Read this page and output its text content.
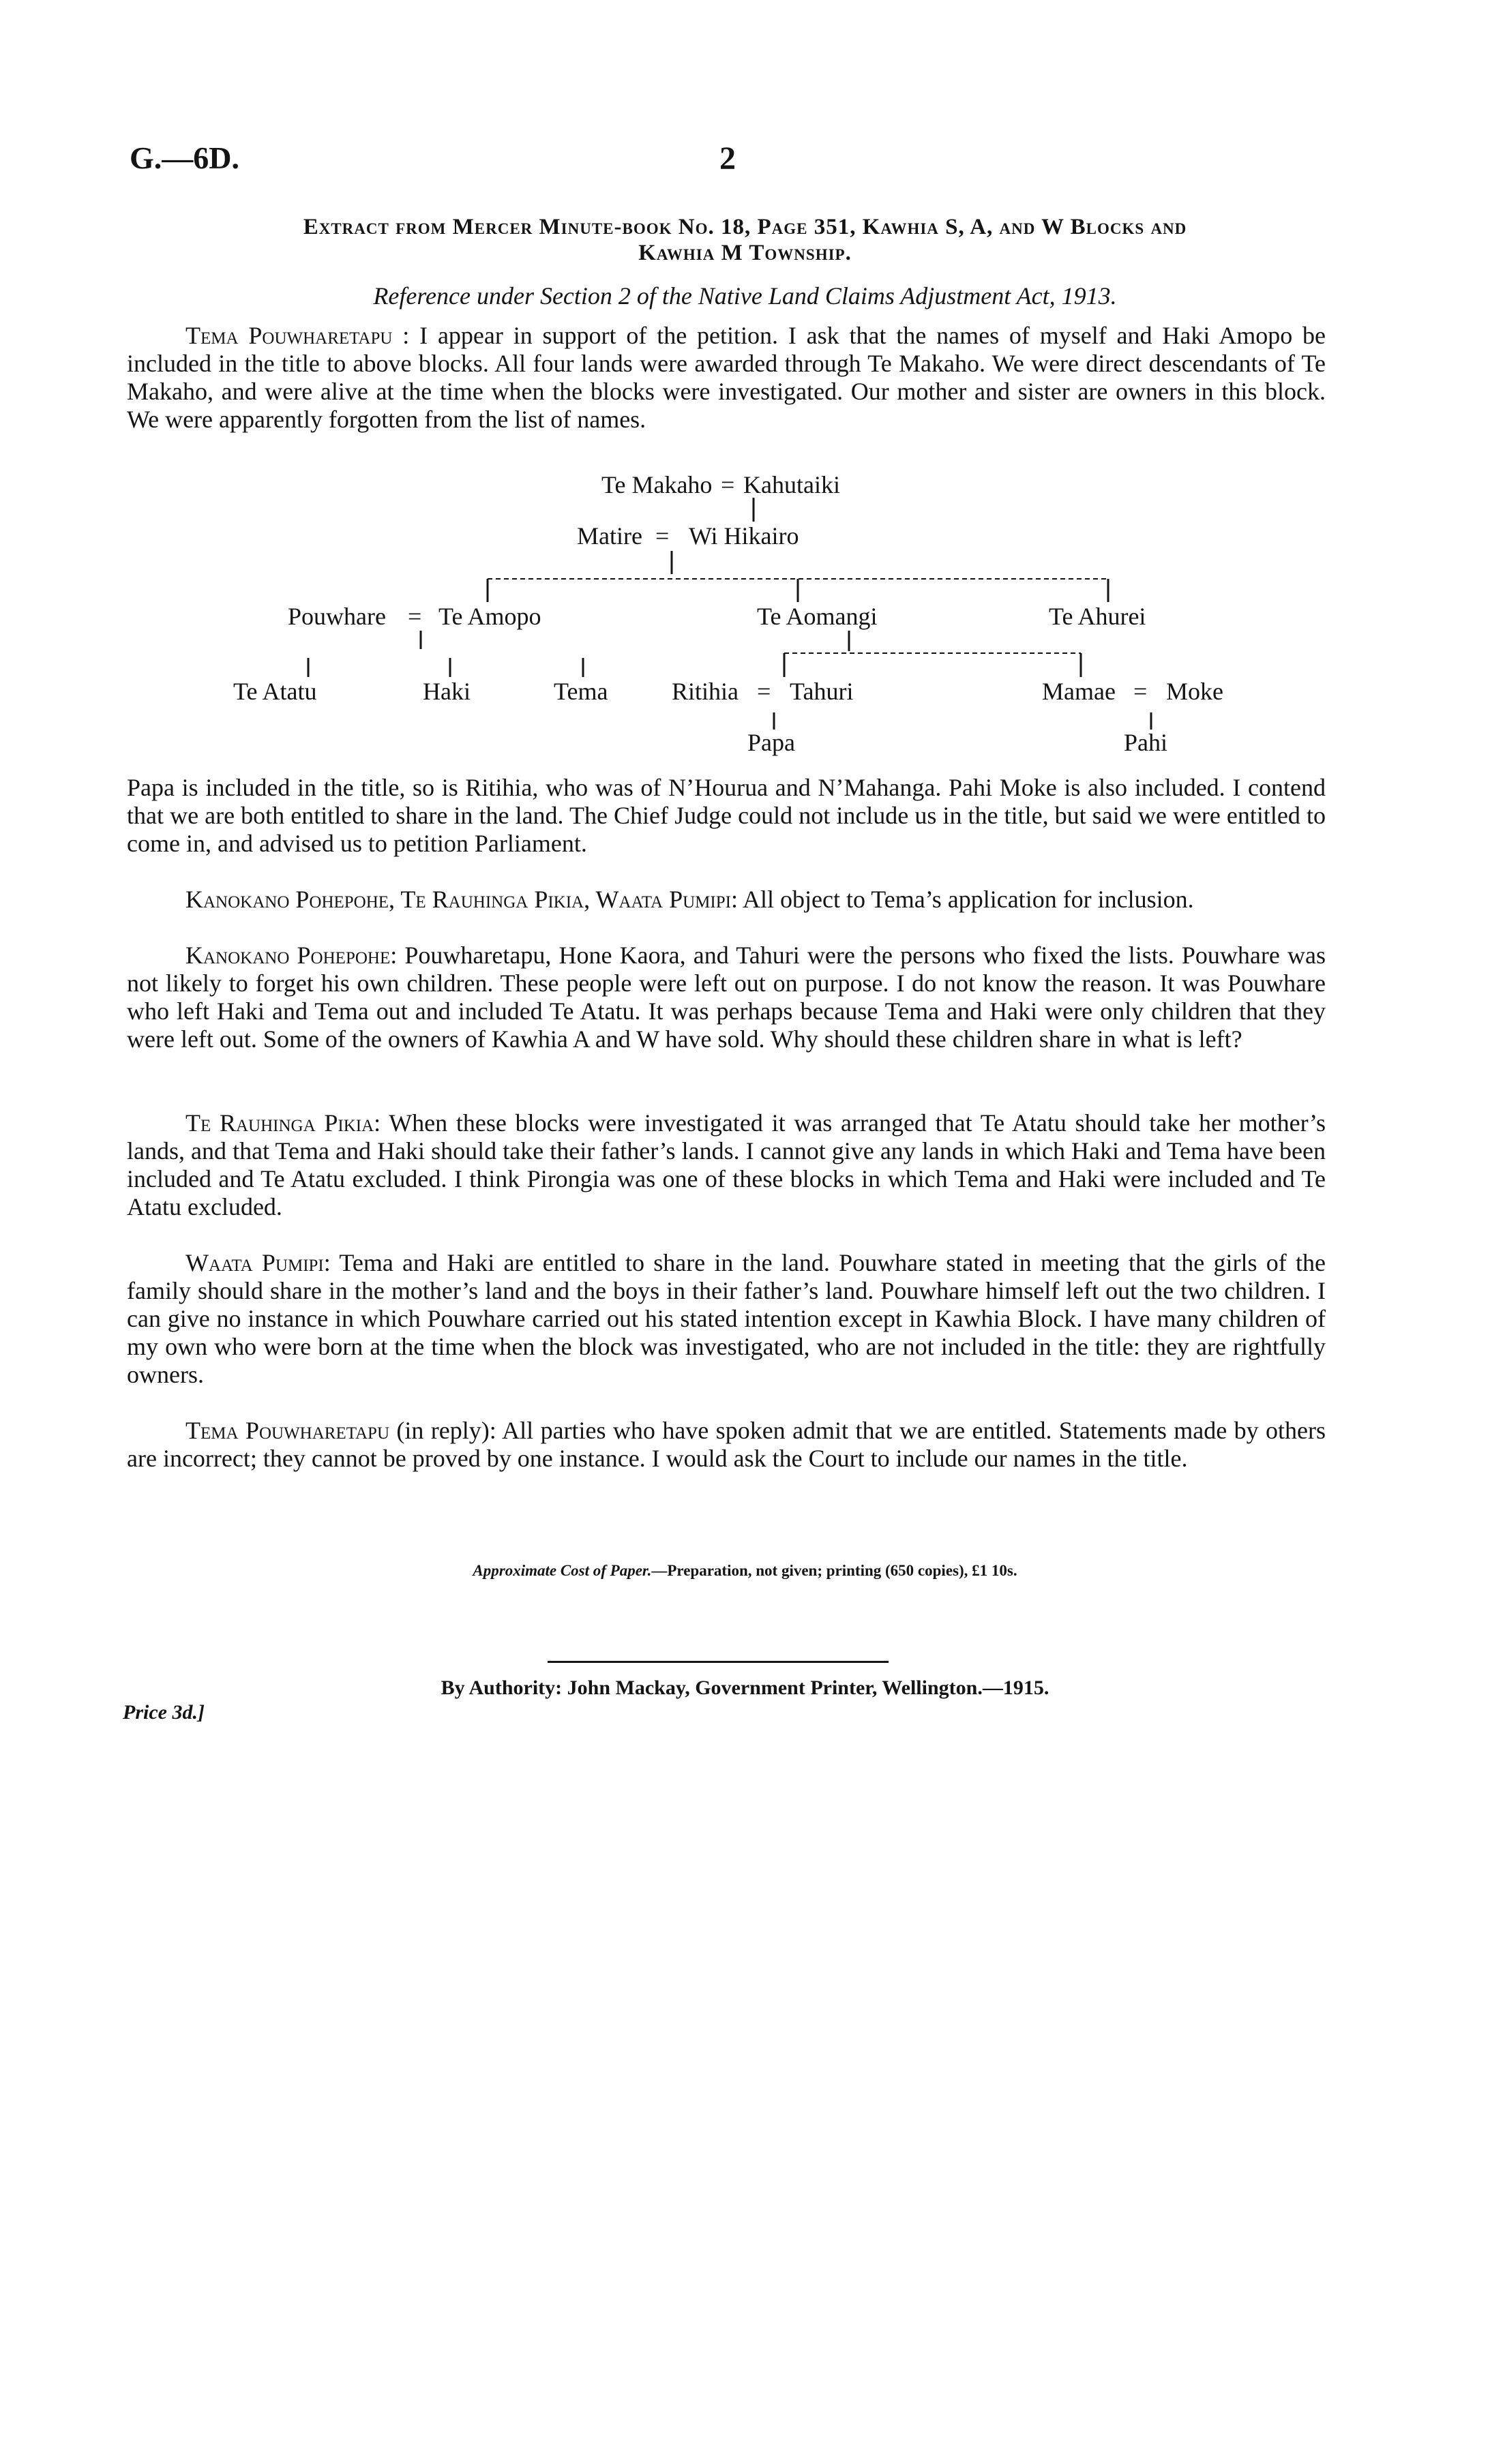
G.—6D.	2
Extract from Mercer Minute-book No. 18, Page 351, Kawhia S, A, and W Blocks and
Kawhia M Township.
Reference under Section 2 of the Native Land Claims Adjustment Act, 1913.

Tema Pouwharetapu : I appear in support of the petition. I ask that the names of myself and Haki Amopo be included in the title to above blocks. All four lands were awarded through Te Makaho. We were direct descendants of Te Makaho, and were alive at the time when the blocks were investigated. Our mother and sister are owners in this block. We were apparently forgotten from the list of names.

Te Makaho = Kahutaiki
Matire = Wi Hikairo
Pouwhare = Te Amopo	Te Aomangi	Te Ahurei
Te Atatu	Haki	Tema	Ritihia = Tahuri	Mamae = Moke
Papa	Pahi

Papa is included in the title, so is Ritihia, who was of N’Hourua and N’Mahanga. Pahi Moke is also included. I contend that we are both entitled to share in the land. The Chief Judge could not include us in the title, but said we were entitled to come in, and advised us to petition Parliament.

Kanokano Pohepohe, Te Rauhinga Pikia, Waata Pumipi: All object to Tema’s application for inclusion.

Kanokano Pohepohe: Pouwharetapu, Hone Kaora, and Tahuri were the persons who fixed the lists. Pouwhare was not likely to forget his own children. These people were left out on purpose. I do not know the reason. It was Pouwhare who left Haki and Tema out and included Te Atatu. It was perhaps because Tema and Haki were only children that they were left out. Some of the owners of Kawhia A and W have sold. Why should these children share in what is left?

Te Rauhinga Pikia: When these blocks were investigated it was arranged that Te Atatu should take her mother’s lands, and that Tema and Haki should take their father’s lands. I cannot give any lands in which Haki and Tema have been included and Te Atatu excluded. I think Pirongia was one of these blocks in which Tema and Haki were included and Te Atatu excluded.

Waata Pumipi: Tema and Haki are entitled to share in the land. Pouwhare stated in meeting that the girls of the family should share in the mother’s land and the boys in their father’s land. Pouwhare himself left out the two children. I can give no instance in which Pouwhare carried out his stated intention except in Kawhia Block. I have many children of my own who were born at the time when the block was investigated, who are not included in the title: they are rightfully owners.

Tema Pouwharetapu (in reply): All parties who have spoken admit that we are entitled. Statements made by others are incorrect; they cannot be proved by one instance. I would ask the Court to include our names in the title.

Approximate Cost of Paper.—Preparation, not given; printing (650 copies), £1 10s.
By Authority: John Mackay, Government Printer, Wellington.—1915.
Price 3d.]
